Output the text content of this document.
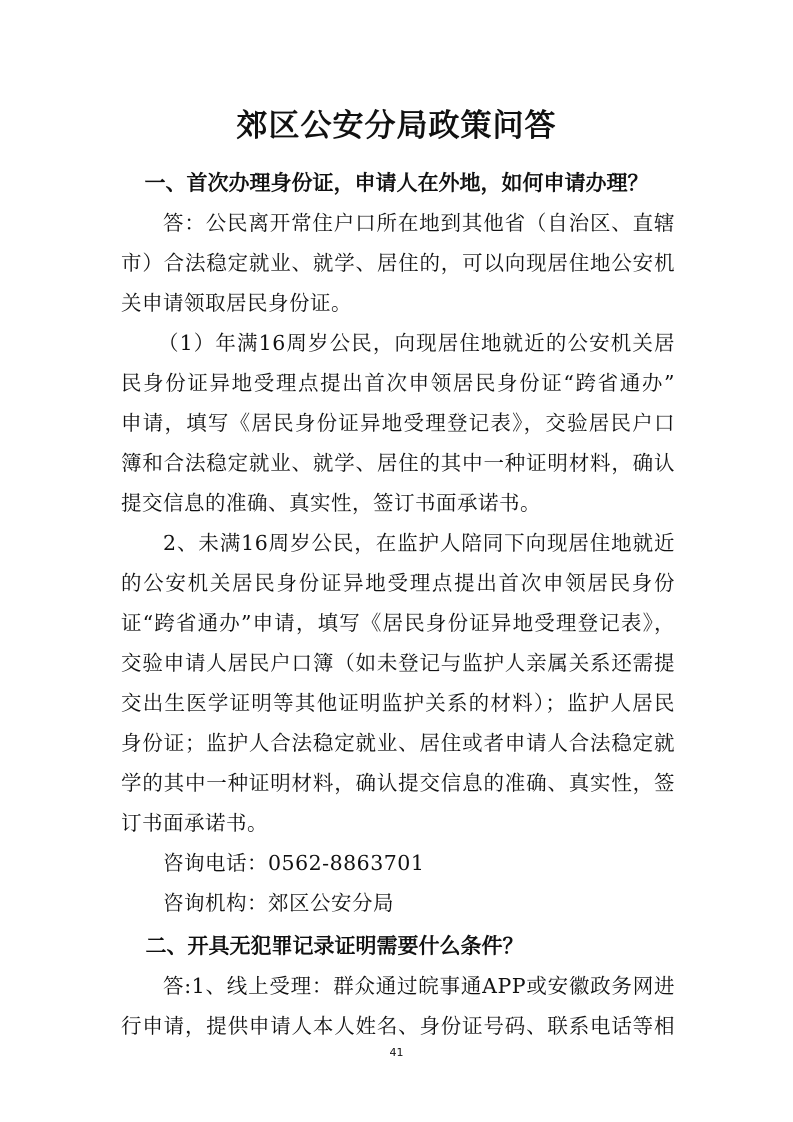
郊区公安分局政策问答
一、首次办理身份证，申请人在外地，如何申请办理？
答：公民离开常住户口所在地到其他省（自治区、直辖
市）合法稳定就业、就学、居住的，可以向现居住地公安机
关申请领取居民身份证。
（1）年满16周岁公民，向现居住地就近的公安机关居
民身份证异地受理点提出首次申领居民身份证“跨省通办”
申请，填写《居民身份证异地受理登记表》，交验居民户口
簿和合法稳定就业、就学、居住的其中一种证明材料，确认
提交信息的准确、真实性，签订书面承诺书。
2、未满16周岁公民，在监护人陪同下向现居住地就近
的公安机关居民身份证异地受理点提出首次申领居民身份
证“跨省通办”申请，填写《居民身份证异地受理登记表》，
交验申请人居民户口簿（如未登记与监护人亲属关系还需提
交出生医学证明等其他证明监护关系的材料）；监护人居民
身份证；监护人合法稳定就业、居住或者申请人合法稳定就
学的其中一种证明材料，确认提交信息的准确、真实性，签
订书面承诺书。
咨询电话：0562-8863701
咨询机构：郊区公安分局
二、开具无犯罪记录证明需要什么条件？
答:1、线上受理：群众通过皖事通APP或安徽政务网进
行申请，提供申请人本人姓名、身份证号码、联系电话等相
41
